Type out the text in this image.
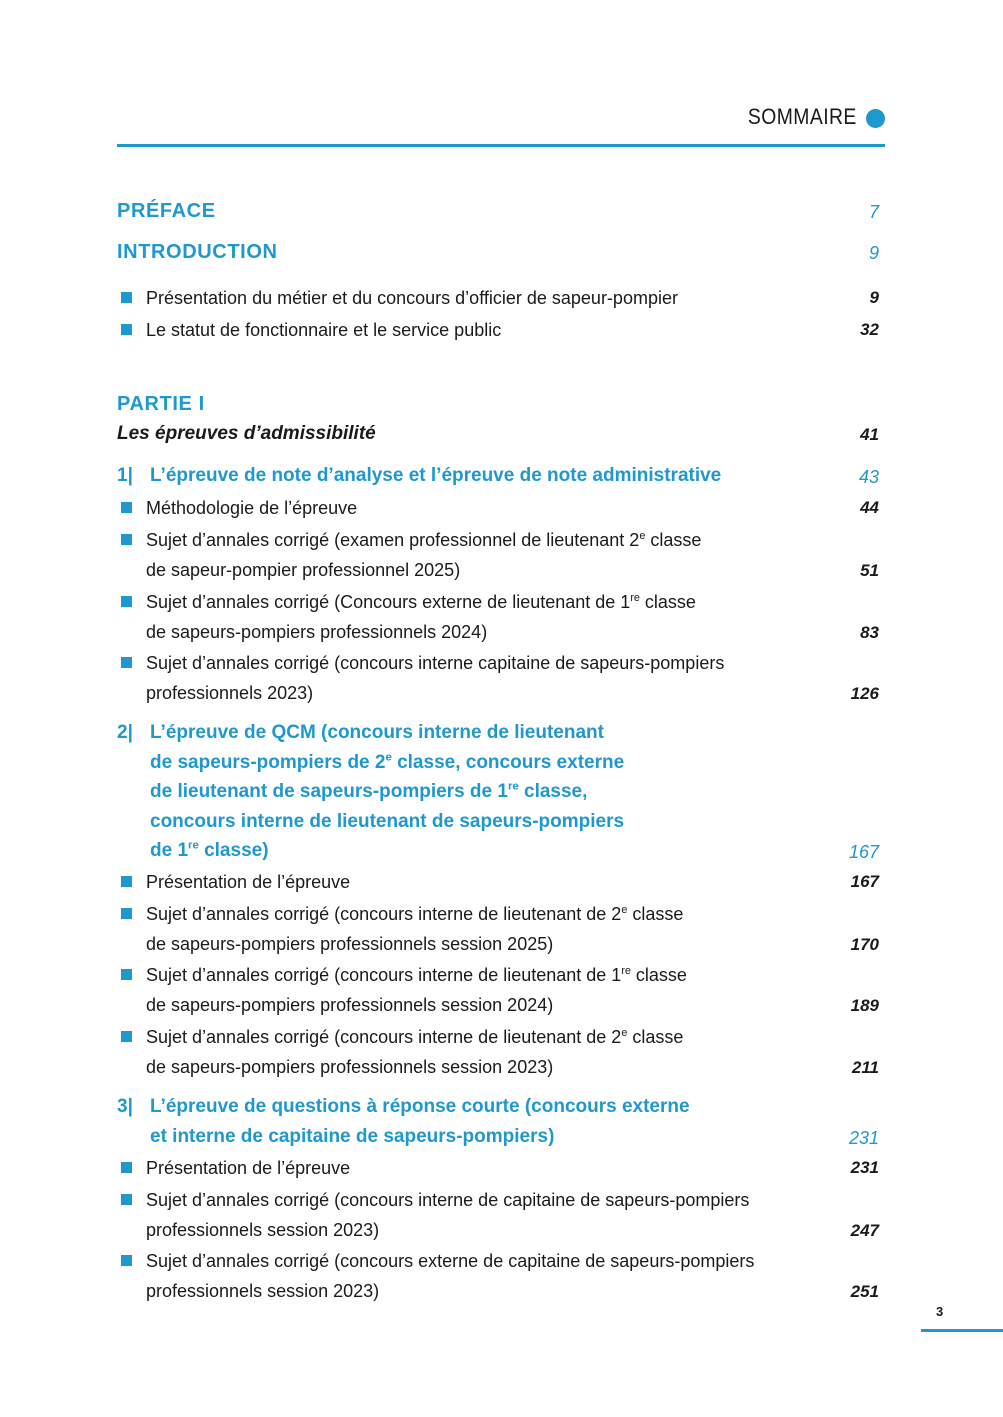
SOMMAIRE
PRÉFACE	7
INTRODUCTION	9
Présentation du métier et du concours d’officier de sapeur-pompier	9
Le statut de fonctionnaire et le service public	32
PARTIE I
Les épreuves d’admissibilité	41
1| L’épreuve de note d’analyse et l’épreuve de note administrative	43
Méthodologie de l’épreuve	44
Sujet d’annales corrigé (examen professionnel de lieutenant 2e classe
de sapeur-pompier professionnel 2025)	51
Sujet d’annales corrigé (Concours externe de lieutenant de 1re classe
de sapeurs-pompiers professionnels 2024)	83
Sujet d’annales corrigé (concours interne capitaine de sapeurs-pompiers
professionnels 2023)	126
2| L’épreuve de QCM (concours interne de lieutenant
de sapeurs-pompiers de 2e classe, concours externe
de lieutenant de sapeurs-pompiers de 1re classe,
concours interne de lieutenant de sapeurs-pompiers
de 1re classe)	167
Présentation de l’épreuve	167
Sujet d’annales corrigé (concours interne de lieutenant de 2e classe
de sapeurs-pompiers professionnels session 2025)	170
Sujet d’annales corrigé (concours interne de lieutenant de 1re classe
de sapeurs-pompiers professionnels session 2024)	189
Sujet d’annales corrigé (concours interne de lieutenant de 2e classe
de sapeurs-pompiers professionnels session 2023)	211
3| L’épreuve de questions à réponse courte (concours externe
et interne de capitaine de sapeurs-pompiers)	231
Présentation de l’épreuve	231
Sujet d’annales corrigé (concours interne de capitaine de sapeurs-pompiers
professionnels session 2023)	247
Sujet d’annales corrigé (concours externe de capitaine de sapeurs-pompiers
professionnels session 2023)	251
3
